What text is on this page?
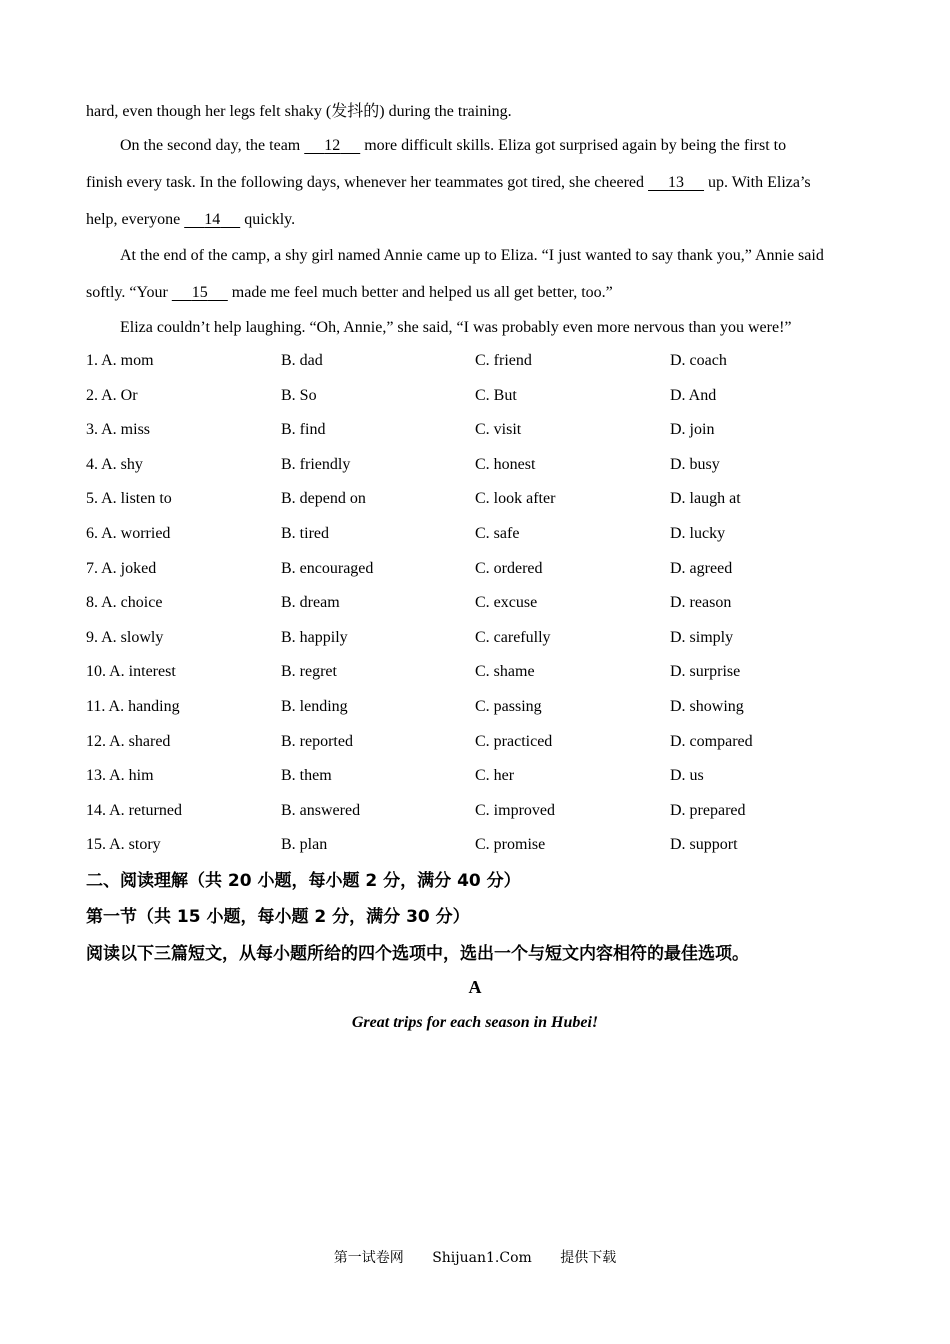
hard, even though her legs felt shaky (发抖的) during the training.

On the second day, the team      12      more difficult skills. Eliza got surprised again by being the first to
finish every task. In the following days, whenever her teammates got tired, she cheered      13      up. With Eliza’s
help, everyone      14      quickly.

At the end of the camp, a shy girl named Annie came up to Eliza. “I just wanted to say thank you,” Annie said
softly. “Your      15      made me feel much better and helped us all get better, too.”

Eliza couldn’t help laughing. “Oh, Annie,” she said, “I was probably even more nervous than you were!”

1. A. mom	B. dad	C. friend	D. coach
2. A. Or	B. So	C. But	D. And
3. A. miss	B. find	C. visit	D. join
4. A. shy	B. friendly	C. honest	D. busy
5. A. listen to	B. depend on	C. look after	D. laugh at
6. A. worried	B. tired	C. safe	D. lucky
7. A. joked	B. encouraged	C. ordered	D. agreed
8. A. choice	B. dream	C. excuse	D. reason
9. A. slowly	B. happily	C. carefully	D. simply
10. A. interest	B. regret	C. shame	D. surprise
11. A. handing	B. lending	C. passing	D. showing
12. A. shared	B. reported	C. practiced	D. compared
13. A. him	B. them	C. her	D. us
14. A. returned	B. answered	C. improved	D. prepared
15. A. story	B. plan	C. promise	D. support
二、阅读理解（共 20 小题，每小题 2 分，满分 40 分）
第一节（共 15 小题，每小题 2 分，满分 30 分）
阅读以下三篇短文，从每小题所给的四个选项中，选出一个与短文内容相符的最佳选项。
A
Great trips for each season in Hubei!
第一试卷网 Shijuan1.Com 提供下载
